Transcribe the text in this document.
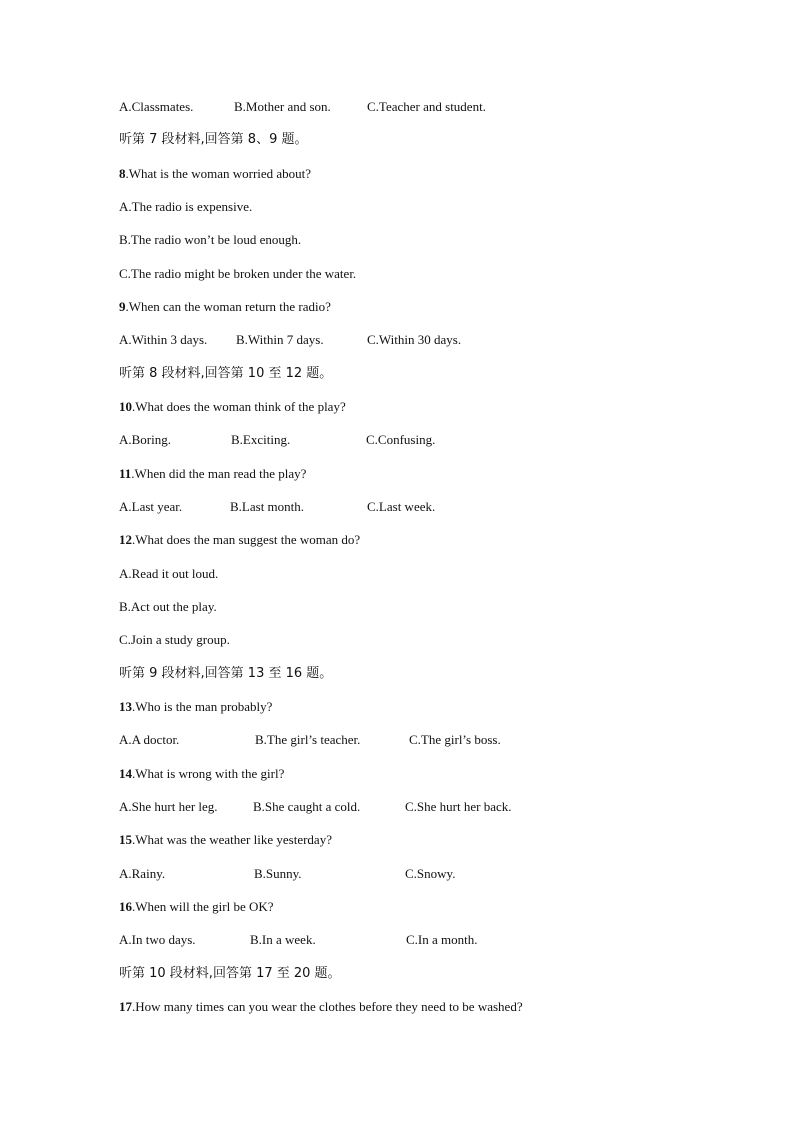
A.Classmates.	B.Mother and son.	C.Teacher and student.
听第 7 段材料,回答第 8、9 题。
8.What is the woman worried about?
A.The radio is expensive.
B.The radio won’t be loud enough.
C.The radio might be broken under the water.
9.When can the woman return the radio?
A.Within 3 days. B.Within 7 days.	C.Within 30 days.
听第 8 段材料,回答第 10 至 12 题。
10.What does the woman think of the play?
A.Boring.	B.Exciting.	C.Confusing.
11.When did the man read the play?
A.Last year.	B.Last month.	C.Last week.
12.What does the man suggest the woman do?
A.Read it out loud.
B.Act out the play.
C.Join a study group.
听第 9 段材料,回答第 13 至 16 题。
13.Who is the man probably?
A.A doctor.	B.The girl’s teacher.	C.The girl’s boss.
14.What is wrong with the girl?
A.She hurt her leg.	B.She caught a cold.	C.She hurt her back.
15.What was the weather like yesterday?
A.Rainy.	B.Sunny.	C.Snowy.
16.When will the girl be OK?
A.In two days.	B.In a week.	C.In a month.
听第 10 段材料,回答第 17 至 20 题。
17.How many times can you wear the clothes before they need to be washed?
